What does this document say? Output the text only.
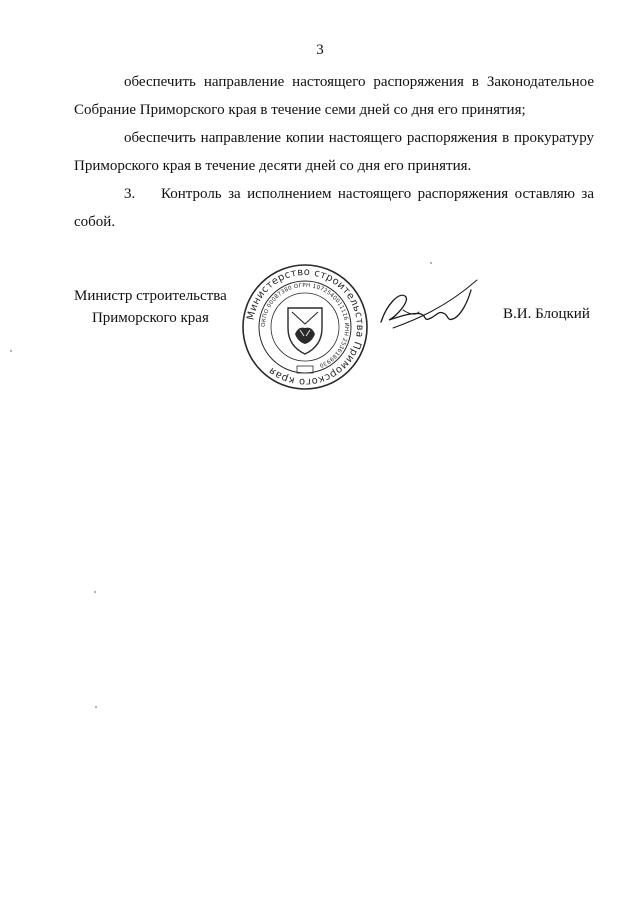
3

обеспечить направление настоящего распоряжения в Законодательное Собрание Приморского края в течение семи дней со дня его принятия;

обеспечить направление копии настоящего распоряжения в прокуратуру Приморского края в течение десяти дней со дня его принятия.

3. Контроль за исполнением настоящего распоряжения оставляю за собой.

Министр строительства
Приморского края	Министерство строительства Приморского края
ОКПО 00087380 ОГРН 1072540011116 ИНН 2536189930
В.И. Блоцкий
